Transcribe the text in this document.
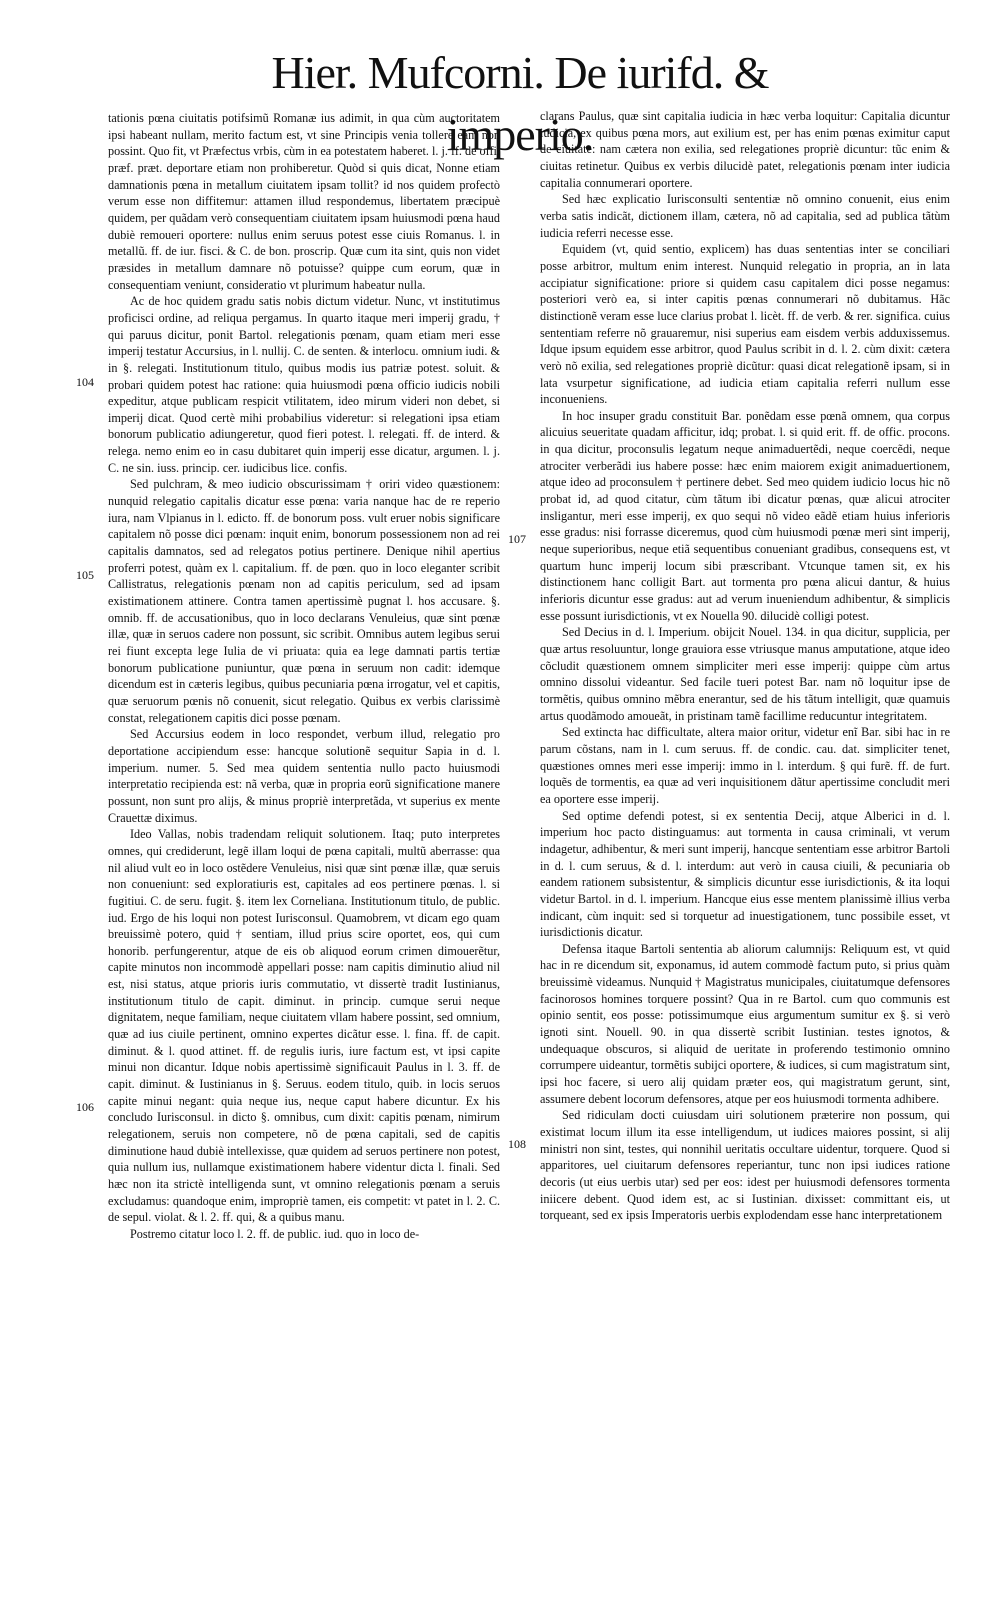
Hier. Mufcorni. De iurifd. & imperio.

tationis pœna ciuitatis potifsimũ Romanæ ius adimit, in qua cùm auctoritatem ipsi habeant nullam, merito factum est, vt sine Principis venia tollere eam non possint. Quo fit, vt Præfectus vrbis, cùm in ea potestatem haberet. l. j. ff. de offi. præf. præt. deportare etiam non prohiberetur. Quòd si quis dicat, Nonne etiam damnationis pœna in metallum ciuitatem ipsam tollit? id nos quidem profectò verum esse non diffitemur: attamen illud respondemus, libertatem præcipuè quidem, per quãdam verò consequentiam ciuitatem ipsam huiusmodi pœna haud dubiè remoueri oportere: nullus enim seruus potest esse ciuis Romanus. l. in metallũ. ff. de iur. fisci. & C. de bon. proscrip. Quæ cum ita sint, quis non videt præsides in metallum damnare nõ potuisse? quippe cum eorum, quæ in consequentiam veniunt, consideratio vt plurimum habeatur nulla.

Ac de hoc quidem gradu satis nobis dictum videtur. Nunc, vt institutimus proficisci ordine, ad reliqua pergamus. In quarto itaque meri imperij gradu, † qui paruus dicitur, ponit Bartol. relegationis pœnam, quam etiam meri esse imperij testatur Accursius, in l. nullij. C. de senten. & interlocu. omnium iudi. & in §. relegati. Institutionum titulo, quibus modis ius patriæ potest. soluit. & probari quidem potest hac ratione: quia huiusmodi pœna officio iudicis nobili expeditur, atque publicam respicit vtilitatem, ideo mirum videri non debet, si imperij dicat. Quod certè mihi probabilius videretur: si relegationi ipsa etiam bonorum publicatio adiungeretur, quod fieri potest. l. relegati. ff. de interd. & relega. nemo enim eo in casu dubitaret quin imperij esse dicatur, argumen. l. j. C. ne sin. iuss. princip. cer. iudicibus lice. confis.

Sed pulchram, & meo iudicio obscurissimam † oriri video quæstionem: nunquid relegatio capitalis dicatur esse pœna: varia nanque hac de re reperio iura, nam Vlpianus in l. edicto. ff. de bonorum poss. vult eruer nobis significare capitalem nõ posse dici pœnam: inquit enim, bonorum possessionem non ad rei capitalis damnatos, sed ad relegatos potius pertinere. Denique nihil apertius proferri potest, quàm ex l. capitalium. ff. de pœn. quo in loco eleganter scribit Callistratus, relegationis pœnam non ad capitis periculum, sed ad ipsam existimationem attinere. Contra tamen apertissimè pugnat l. hos accusare. §. omnib. ff. de accusationibus, quo in loco declarans Venuleius, quæ sint pœnæ illæ, quæ in seruos cadere non possunt, sic scribit. Omnibus autem legibus serui rei fiunt excepta lege Iulia de vi priuata: quia ea lege damnati partis tertiæ bonorum publicatione puniuntur, quæ pœna in seruum non cadit: idemque dicendum est in cæteris legibus, quibus pecuniaria pœna irrogatur, vel et capitis, quæ seruorum pœnis nõ conuenit, sicut relegatio. Quibus ex verbis clarissimè constat, relegationem capitis dici posse pœnam.

Sed Accursius eodem in loco respondet, verbum illud, relegatio pro deportatione accipiendum esse: hancque solutionẽ sequitur Sapia in d. l. imperium. numer. 5. Sed mea quidem sententia nullo pacto huiusmodi interpretatio recipienda est: nã verba, quæ in propria eorũ significatione manere possunt, non sunt pro alijs, & minus propriè interpretãda, vt superius ex mente Crauettæ diximus.

Ideo Vallas, nobis tradendam reliquit solutionem. Itaq; puto interpretes omnes, qui crediderunt, legẽ illam loqui de pœna capitali, multũ aberrasse: qua nil aliud vult eo in loco ostẽdere Venuleius, nisi quæ sint pœnæ illæ, quæ seruis non conueniunt: sed exploratiuris est, capitales ad eos pertinere pœnas. l. si fugitiui. C. de seru. fugit. §. item lex Corneliana. Institutionum titulo, de public. iud. Ergo de his loqui non potest Iurisconsul. Quamobrem, vt dicam ego quam breuissimè potero, quid † sentiam, illud prius scire oportet, eos, qui cum honorib. perfungerentur, atque de eis ob aliquod eorum crimen dimouerẽtur, capite minutos non incommodè appellari posse: nam capitis diminutio aliud nil est, nisi status, atque prioris iuris commutatio, vt dissertè tradit Iustinianus, institutionum titulo de capit. diminut. in princip. cumque serui neque dignitatem, neque familiam, neque ciuitatem vllam habere possint, sed omnium, quæ ad ius ciuile pertinent, omnino expertes dicãtur esse. l. fina. ff. de capit. diminut. & l. quod attinet. ff. de regulis iuris, iure factum est, vt ipsi capite minui non dicantur. Idque nobis apertissimè significauit Paulus in l. 3. ff. de capit. diminut. & Iustinianus in §. Seruus. eodem titulo, quib. in locis seruos capite minui negant: quia neque ius, neque caput habere dicuntur. Ex his concludo Iurisconsul. in dicto §. omnibus, cum dixit: capitis pœnam, nimirum relegationem, seruis non competere, nõ de pœna capitali, sed de capitis diminutione haud dubiè intellexisse, quæ quidem ad seruos pertinere non potest, quia nullum ius, nullamque existimationem habere videntur dicta l. finali. Sed hæc non ita strictè intelligenda sunt, vt omnino relegationis pœnam a seruis excludamus: quandoque enim, impropriè tamen, eis competit: vt patet in l. 2. C. de sepul. violat. & l. 2. ff. qui, & a quibus manu.

Postremo citatur loco l. 2. ff. de public. iud. quo in loco de-

clarans Paulus, quæ sint capitalia iudicia in hæc verba loquitur: Capitalia dicuntur iudicia, ex quibus pœna mors, aut exilium est, per has enim pœnas eximitur caput de ciuitate: nam cætera non exilia, sed relegationes propriè dicuntur: tũc enim & ciuitas retinetur. Quibus ex verbis dilucidè patet, relegationis pœnam inter iudicia capitalia connumerari oportere.

Sed hæc explicatio Iurisconsulti sententiæ nõ omnino conuenit, eius enim verba satis indicãt, dictionem illam, cætera, nõ ad capitalia, sed ad publica tãtùm iudicia referri necesse esse.

Equidem (vt, quid sentio, explicem) has duas sententias inter se conciliari posse arbitror, multum enim interest. Nunquid relegatio in propria, an in lata accipiatur significatione: priore si quidem casu capitalem dici posse negamus: posteriori verò ea, si inter capitis pœnas connumerari nõ dubitamus. Hãc distinctionẽ veram esse luce clarius probat l. licèt. ff. de verb. & rer. significa. cuius sententiam referre nõ grauaremur, nisi superius eam eisdem verbis adduxissemus. Idque ipsum equidem esse arbitror, quod Paulus scribit in d. l. 2. cùm dixit: cætera verò nõ exilia, sed relegationes propriè dicũtur: quasi dicat relegationẽ ipsam, si in lata vsurpetur significatione, ad iudicia etiam capitalia referri nullum esse inconueniens.

In hoc insuper gradu constituit Bar. ponẽdam esse pœnã omnem, qua corpus alicuius seueritate quadam afficitur, idq; probat. l. si quid erit. ff. de offic. procons. in qua dicitur, proconsulis legatum neque animaduertẽdi, neque coercẽdi, neque atrociter verberãdi ius habere posse: hæc enim maiorem exigit animaduertionem, atque ideo ad proconsulem † pertinere debet. Sed meo quidem iudicio locus hic nõ probat id, ad quod citatur, cùm tãtum ibi dicatur pœnas, quæ alicui atrociter insligantur, meri esse imperij, ex quo sequi nõ video eãdẽ etiam huius inferioris esse gradus: nisi forrasse diceremus, quod cùm huiusmodi pœnæ meri sint imperij, neque superioribus, neque etiã sequentibus conueniant gradibus, consequens est, vt quartum hunc imperij locum sibi præscribant. Vtcunque tamen sit, ex his distinctionem hanc colligit Bart. aut tormenta pro pœna alicui dantur, & huius inferioris dicuntur esse gradus: aut ad verum inueniendum adhibentur, & simplicis esse possunt iurisdictionis, vt ex Nouella 90. dilucidè colligi potest.

Sed Decius in d. l. Imperium. obijcit Nouel. 134. in qua dicitur, supplicia, per quæ artus resoluuntur, longe grauiora esse vtriusque manus amputatione, atque ideo cõcludit quæstionem omnem simpliciter meri esse imperij: quippe cùm artus omnino dissolui videantur. Sed facile tueri potest Bar. nam nõ loquitur ipse de tormẽtis, quibus omnino mẽbra enerantur, sed de his tãtum intelligit, quæ quamuis artus quodãmodo amoueãt, in pristinam tamẽ facillime reducuntur integritatem.

Sed extincta hac difficultate, altera maior oritur, videtur enĩ Bar. sibi hac in re parum cõstans, nam in l. cum seruus. ff. de condic. cau. dat. simpliciter tenet, quæstiones omnes meri esse imperij: immo in l. interdum. § qui furẽ. ff. de furt. loquẽs de tormentis, ea quæ ad veri inquisitionem dãtur apertissime concludit meri ea oportere esse imperij.

Sed optime defendi potest, si ex sententia Decij, atque Alberici in d. l. imperium hoc pacto distinguamus: aut tormenta in causa criminali, vt verum indagetur, adhibentur, & meri sunt imperij, hancque sententiam esse arbitror Bartoli in d. l. cum seruus, & d. l. interdum: aut verò in causa ciuili, & pecuniaria ob eandem rationem subsistentur, & simplicis dicuntur esse iurisdictionis, & ita loqui videtur Bartol. in d. l. imperium. Hancque eius esse mentem planissimè illius verba indicant, cùm inquit: sed si torquetur ad inuestigationem, tunc possibile esset, vt iurisdictionis dicatur.

Defensa itaque Bartoli sententia ab aliorum calumnijs: Reliquum est, vt quid hac in re dicendum sit, exponamus, id autem commodè factum puto, si prius quàm breuissimè videamus. Nunquid † Magistratus municipales, ciuitatumque defensores facinorosos homines torquere possint? Qua in re Bartol. cum quo communis est opinio sentit, eos posse: potissimumque eius argumentum sumitur ex §. si verò ignoti sint. Nouell. 90. in qua dissertè scribit Iustinian. testes ignotos, & undequaque obscuros, si aliquid de ueritate in proferendo testimonio omnino corrumpere uideantur, tormẽtis subijci oportere, & iudices, si cum magistratum sint, ipsi hoc facere, si uero alij quidam præter eos, qui magistratum gerunt, sint, assumere debent locorum defensores, atque per eos huiusmodi tormenta adhibere.

Sed ridiculam docti cuiusdam uiri solutionem præterire non possum, qui existimat locum illum ita esse intelligendum, ut iudices maiores possint, si alij ministri non sint, testes, qui nonnihil ueritatis occultare uidentur, torquere. Quod si apparitores, uel ciuitarum defensores reperiantur, tunc non ipsi iudices ratione decoris (ut eius uerbis utar) sed per eos: idest per huiusmodi defensores tormenta iniicere debent. Quod idem est, ac si Iustinian. dixisset: committant eis, ut torqueant, sed ex ipsis Imperatoris uerbis explodendam esse hanc interpretationem

104
105
106
107
108
